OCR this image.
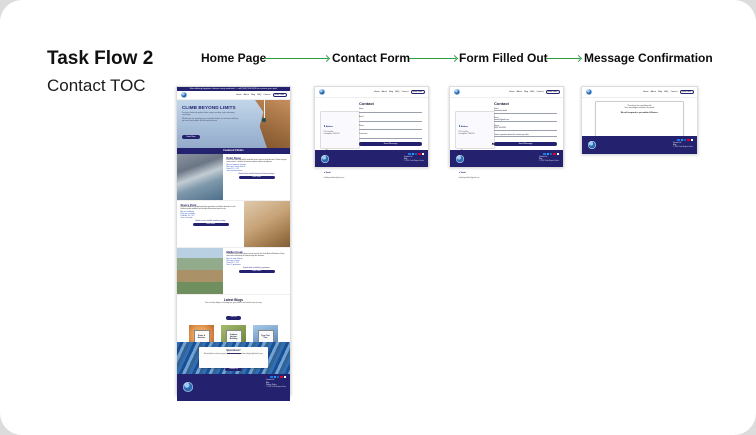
Task Flow 2
Contact TOC
Home Page	Contact Form	Form Filled Out	Message Confirmation
Now offering beginner classes every weekend — call (555) 555-5555 to reserve your spot!
Home About Blog FAQ Contact	Book Now
CLIMB BEYOND LIMITS

Push your limits with guided climbs, expert coaching, and a welcoming community.

Whether you are brand new or a seasoned climber, our instructors will help you reach new heights. All skill levels welcome.

Book Now
Featured Climbs
Point Dume

Point Dume rises right off the sand with ocean views in every direction. Classic top-rope routes make it a favorite for first-time outdoor climbers and groups.

Best for: beginners & groups
Rock type: volcanic breccia
Routes: 5.6 – 5.12
Gear: top-rope anchors
Guided climbs available Saturday & Sunday mornings.
Learn More
Stoney Point

A historic sandstone playground where generations of climbers learned the craft. Endless boulder problems and friendly slabs minutes from the city.

Best for: bouldering
Rock type: sandstone
Problems: V0 – V10
Gear: crash pads
Guided sessions available weekday evenings.
Learn More
Malibu Creek

Pocketed volcanic walls above a scenic creek in the Santa Monica Mountains. Steep sport routes with plenty of shade through the afternoon.

Best for: sport climbing
Rock type: volcanic
Routes: 5.8 – 5.13
Gear: 12 quickdraws
Guided climbs available by appointment.
Learn More
Latest Blogs
See our latest blogs for climbing tips, gear advice, and stories from the crag.
View All
Knots & Anchors
Outdoor Anchor Building
Type Two Fun
Questions?
We would love to hear from you. Send us a message and we will get right back to you.
Contact Us
Contact Us
Blog
Privacy Policy
© 2024 Climb Beyond Limits
Home About Blog FAQ Contact	Book Now
Contact
Address
123 Crag Way
Los Angeles, CA 90210
Email
climbbeyondlimits@gmail.com
Name
Email
Phone
Comments
Send Message
Contact Us
Blog
© 2024 Climb Beyond Limits
Home About Blog FAQ Contact	Book Now
Contact
Address
123 Crag Way
Los Angeles, CA 90210
Email
climbbeyondlimits@gmail.com
Name
Samantha Smith
Email
ssmith@gmail.com
Phone
(555) 555-5555
I have a question about the classes you offer.
Send Message
Contact Us
Blog
© 2024 Climb Beyond Limits
Home About Blog FAQ Contact	Book Now
Thank you for reaching out!
Your message has been received.
We will respond to you within 24 hours.
Contact Us
Blog
© 2024 Climb Beyond Limits
